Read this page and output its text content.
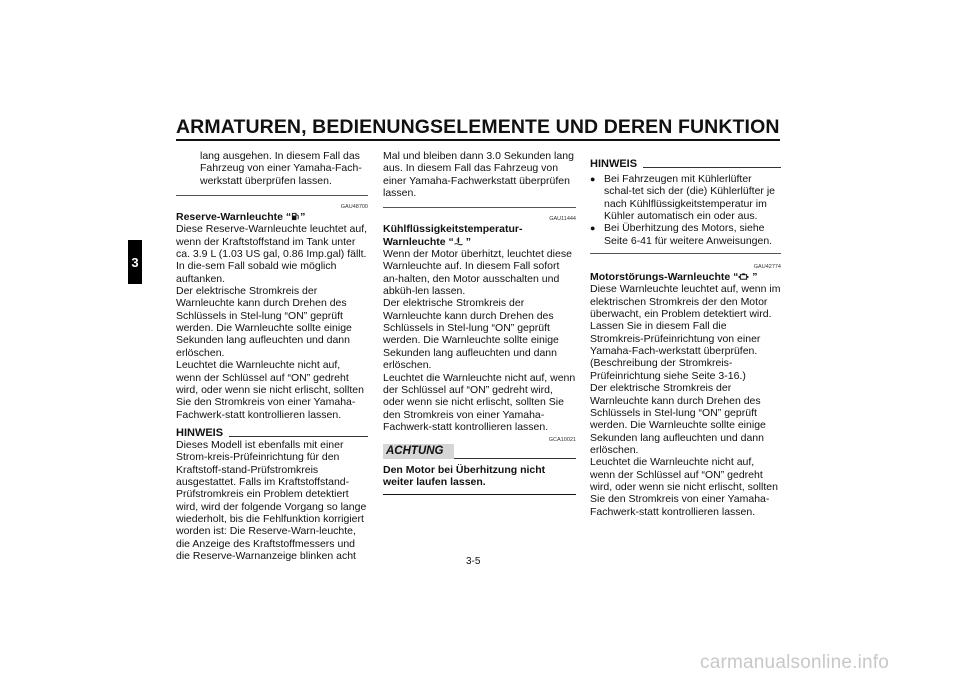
ARMATUREN, BEDIENUNGSELEMENTE UND DEREN FUNKTION
3

lang ausgehen. In diesem Fall das Fahrzeug von einer Yamaha-Fach-werkstatt überprüfen lassen.

GAU48700
Reserve-Warnleuchte “ ”

Diese Reserve-Warnleuchte leuchtet auf, wenn der Kraftstoffstand im Tank unter ca. 3.9 L (1.03 US gal, 0.86 Imp.gal) fällt. In die-sem Fall sobald wie möglich auftanken.

Der elektrische Stromkreis der Warnleuchte kann durch Drehen des Schlüssels in Stel-lung “ON” geprüft werden. Die Warnleuchte sollte einige Sekunden lang aufleuchten und dann erlöschen.

Leuchtet die Warnleuchte nicht auf, wenn der Schlüssel auf “ON” gedreht wird, oder wenn sie nicht erlischt, sollten Sie den Stromkreis von einer Yamaha-Fachwerk-statt kontrollieren lassen.

HINWEIS

Dieses Modell ist ebenfalls mit einer Strom-kreis-Prüfeinrichtung für den Kraftstoff-stand-Prüfstromkreis ausgestattet. Falls im Kraftstoffstand-Prüfstromkreis ein Problem detektiert wird, wird der folgende Vorgang so lange wiederholt, bis die Fehlfunktion korrigiert worden ist: Die Reserve-Warn-leuchte, die Anzeige des Kraftstoffmessers und die Reserve-Warnanzeige blinken acht

Mal und bleiben dann 3.0 Sekunden lang aus. In diesem Fall das Fahrzeug von einer Yamaha-Fachwerkstatt überprüfen lassen.

GAU11444
Kühlflüssigkeitstemperatur-
Warnleuchte “ ”

Wenn der Motor überhitzt, leuchtet diese Warnleuchte auf. In diesem Fall sofort an-halten, den Motor ausschalten und abküh-len lassen.

Der elektrische Stromkreis der Warnleuchte kann durch Drehen des Schlüssels in Stel-lung “ON” geprüft werden. Die Warnleuchte sollte einige Sekunden lang aufleuchten und dann erlöschen.

Leuchtet die Warnleuchte nicht auf, wenn der Schlüssel auf “ON” gedreht wird, oder wenn sie nicht erlischt, sollten Sie den Stromkreis von einer Yamaha-Fachwerk-statt kontrollieren lassen.

GCA10021
ACHTUNG

Den Motor bei Überhitzung nicht weiter laufen lassen.

HINWEIS
● Bei Fahrzeugen mit Kühlerlüfter schal-tet sich der (die) Kühlerlüfter je nach Kühlflüssigkeitstemperatur im Kühler automatisch ein oder aus.
● Bei Überhitzung des Motors, siehe Seite 6-41 für weitere Anweisungen.
GAU42774
Motorstörungs-Warnleuchte “ ”

Diese Warnleuchte leuchtet auf, wenn im elektrischen Stromkreis der den Motor überwacht, ein Problem detektiert wird. Lassen Sie in diesem Fall die Stromkreis-Prüfeinrichtung von einer Yamaha-Fach-werkstatt überprüfen. (Beschreibung der Stromkreis-Prüfeinrichtung siehe Seite 3-16.)

Der elektrische Stromkreis der Warnleuchte kann durch Drehen des Schlüssels in Stel-lung “ON” geprüft werden. Die Warnleuchte sollte einige Sekunden lang aufleuchten und dann erlöschen.

Leuchtet die Warnleuchte nicht auf, wenn der Schlüssel auf “ON” gedreht wird, oder wenn sie nicht erlischt, sollten Sie den Stromkreis von einer Yamaha-Fachwerk-statt kontrollieren lassen.

3-5
carmanualsonline.info
